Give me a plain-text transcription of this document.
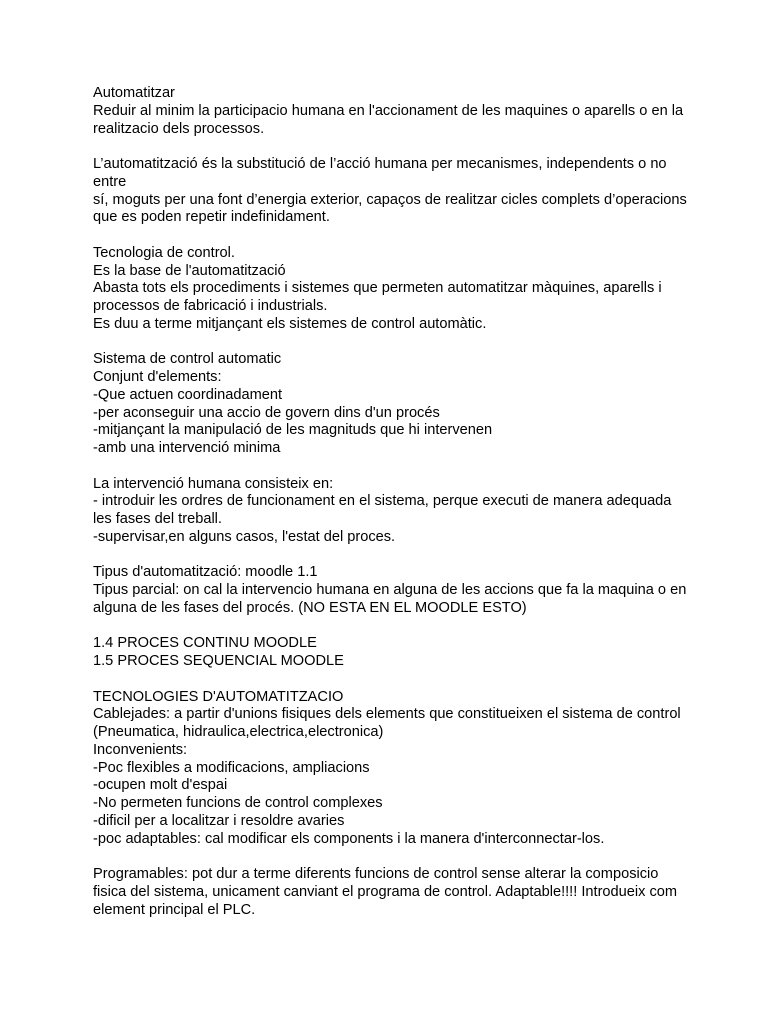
Automatitzar
Reduir al minim la participacio humana en l'accionament de les maquines o aparells o en la
realitzacio dels processos.
L’automatització és la substitució de l’acció humana per mecanismes, independents o no
entre
sí, moguts per una font d’energia exterior, capaços de realitzar cicles complets d’operacions
que es poden repetir indefinidament.
Tecnologia de control.
Es la base de l'automatització
Abasta tots els procediments i sistemes que permeten automatitzar màquines, aparells i
processos de fabricació i industrials.
Es duu a terme mitjançant els sistemes de control automàtic.
Sistema de control automatic
Conjunt d'elements:
-Que actuen coordinadament
-per aconseguir una accio de govern dins d'un procés
-mitjançant la manipulació de les magnituds que hi intervenen
-amb una intervenció minima
La intervenció humana consisteix en:
- introduir les ordres de funcionament en el sistema, perque executi de manera adequada
les fases del treball.
-supervisar,en alguns casos, l'estat del proces.
Tipus d'automatització: moodle 1.1
Tipus parcial: on cal la intervencio humana en alguna de les accions que fa la maquina o en
alguna de les fases del procés. (NO ESTA EN EL MOODLE ESTO)
1.4 PROCES CONTINU MOODLE
1.5 PROCES SEQUENCIAL MOODLE
TECNOLOGIES D'AUTOMATITZACIO
Cablejades: a partir d'unions fisiques dels elements que constitueixen el sistema de control
(Pneumatica, hidraulica,electrica,electronica)
Inconvenients:
-Poc flexibles a modificacions, ampliacions
-ocupen molt d'espai
-No permeten funcions de control complexes
-dificil per a localitzar i resoldre avaries
-poc adaptables: cal modificar els components i la manera d'interconnectar-los.
Programables: pot dur a terme diferents funcions de control sense alterar la composicio
fisica del sistema, unicament canviant el programa de control. Adaptable!!!! Introdueix com
element principal el PLC.
